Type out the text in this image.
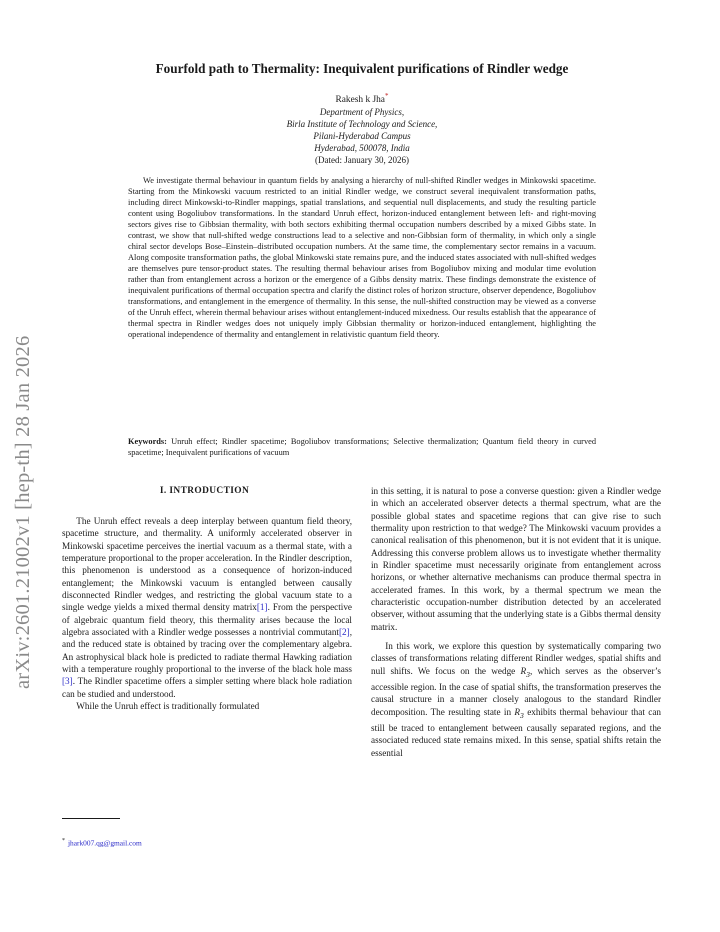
arXiv:2601.21002v1 [hep-th] 28 Jan 2026
Fourfold path to Thermality: Inequivalent purifications of Rindler wedge
Rakesh k Jha*
Department of Physics,
Birla Institute of Technology and Science,
Pilani-Hyderabad Campus
Hyderabad, 500078, India
(Dated: January 30, 2026)

We investigate thermal behaviour in quantum fields by analysing a hierarchy of null-shifted Rindler wedges in Minkowski spacetime. Starting from the Minkowski vacuum restricted to an initial Rindler wedge, we construct several inequivalent transformation paths, including direct Minkowski-to-Rindler mappings, spatial translations, and sequential null displacements, and study the resulting particle content using Bogoliubov transformations. In the standard Unruh effect, horizon-induced entanglement between left- and right-moving sectors gives rise to Gibbsian thermality, with both sectors exhibiting thermal occupation numbers described by a mixed Gibbs state. In contrast, we show that null-shifted wedge constructions lead to a selective and non-Gibbsian form of thermality, in which only a single chiral sector develops Bose–Einstein–distributed occupation numbers. At the same time, the complementary sector remains in a vacuum. Along composite transformation paths, the global Minkowski state remains pure, and the induced states associated with null-shifted wedges are themselves pure tensor-product states. The resulting thermal behaviour arises from Bogoliubov mixing and modular time evolution rather than from entanglement across a horizon or the emergence of a Gibbs density matrix. These findings demonstrate the existence of inequivalent purifications of thermal occupation spectra and clarify the distinct roles of horizon structure, observer dependence, Bogoliubov transformations, and entanglement in the emergence of thermality. In this sense, the null-shifted construction may be viewed as a converse of the Unruh effect, wherein thermal behaviour arises without entanglement-induced mixedness. Our results establish that the appearance of thermal spectra in Rindler wedges does not uniquely imply Gibbsian thermality or horizon-induced entanglement, highlighting the operational independence of thermality and entanglement in relativistic quantum field theory.

Keywords: Unruh effect; Rindler spacetime; Bogoliubov transformations; Selective thermalization; Quantum field theory in curved spacetime; Inequivalent purifications of vacuum

I. INTRODUCTION

The Unruh effect reveals a deep interplay between quantum field theory, spacetime structure, and thermality. A uniformly accelerated observer in Minkowski spacetime perceives the inertial vacuum as a thermal state, with a temperature proportional to the proper acceleration. In the Rindler description, this phenomenon is understood as a consequence of horizon-induced entanglement; the Minkowski vacuum is entangled between causally disconnected Rindler wedges, and restricting the global vacuum state to a single wedge yields a mixed thermal density matrix[1]. From the perspective of algebraic quantum field theory, this thermality arises because the local algebra associated with a Rindler wedge possesses a nontrivial commutant[2], and the reduced state is obtained by tracing over the complementary algebra. An astrophysical black hole is predicted to radiate thermal Hawking radiation with a temperature roughly proportional to the inverse of the black hole mass [3]. The Rindler spacetime offers a simpler setting where black hole radiation can be studied and understood.

While the Unruh effect is traditionally formulated

in this setting, it is natural to pose a converse question: given a Rindler wedge in which an accelerated observer detects a thermal spectrum, what are the possible global states and spacetime regions that can give rise to such thermality upon restriction to that wedge? The Minkowski vacuum provides a canonical realisation of this phenomenon, but it is not evident that it is unique. Addressing this converse problem allows us to investigate whether thermality in Rindler spacetime must necessarily originate from entanglement across horizons, or whether alternative mechanisms can produce thermal spectra in accelerated frames. In this work, by a thermal spectrum we mean the characteristic occupation-number distribution detected by an accelerated observer, without assuming that the underlying state is a Gibbs thermal density matrix.

In this work, we explore this question by systematically comparing two classes of transformations relating different Rindler wedges, spatial shifts and null shifts. We focus on the wedge $R_3$, which serves as the observer’s accessible region. In the case of spatial shifts, the transformation preserves the causal structure in a manner closely analogous to the standard Rindler decomposition. The resulting state in $R_3$ exhibits thermal behaviour that can still be traced to entanglement between causally separated regions, and the associated reduced state remains mixed. In this sense, spatial shifts retain the essential

* jhark007.qg@gmail.com
